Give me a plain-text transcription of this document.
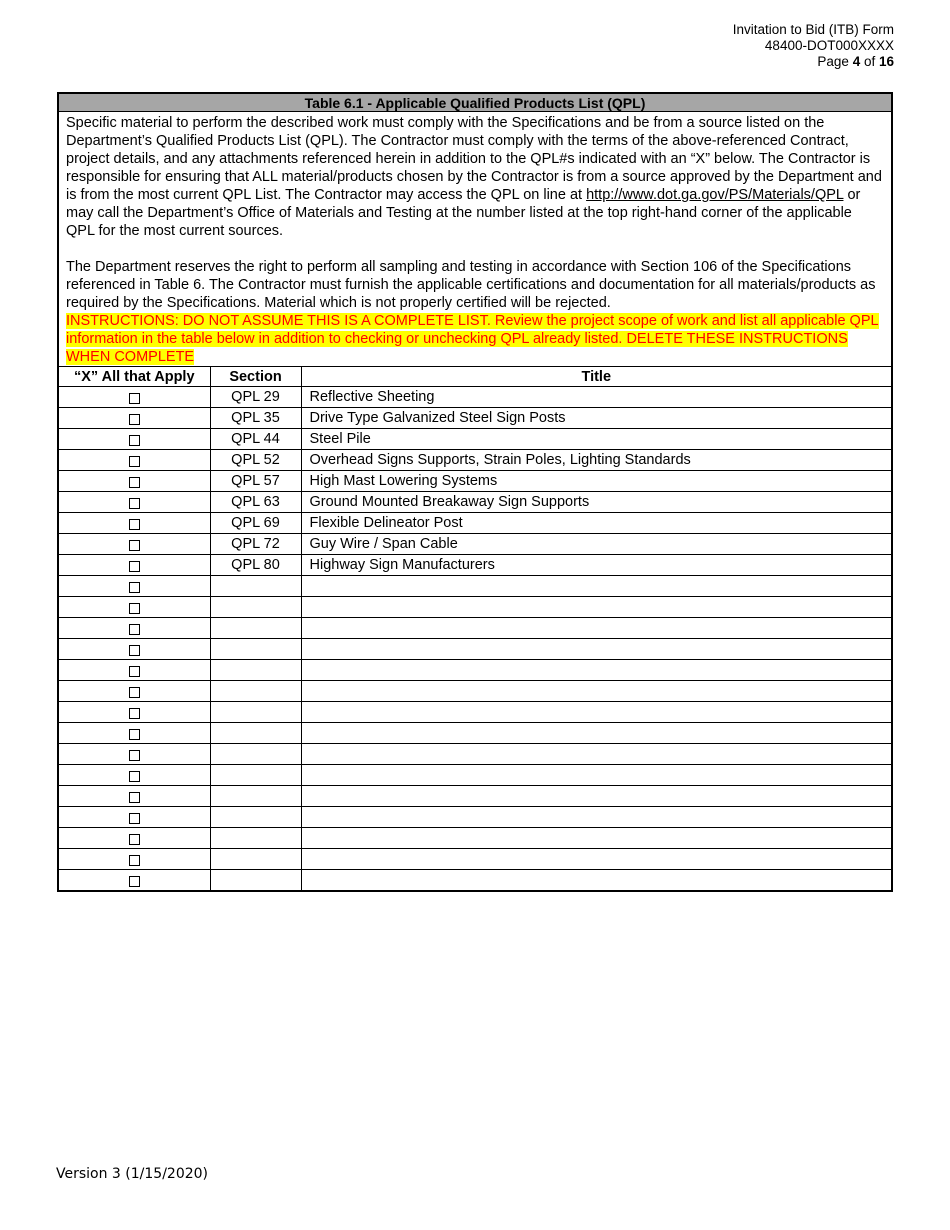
Invitation to Bid (ITB) Form
48400-DOT000XXXX
Page 4 of 16
Table 6.1 - Applicable Qualified Products List (QPL)		

Specific material to perform the described work must comply with the Specifications and be from a source listed on the Department’s Qualified Products List (QPL). The Contractor must comply with the terms of the above-referenced Contract, project details, and any attachments referenced herein in addition to the QPL#s indicated with an “X” below. The Contractor is responsible for ensuring that ALL material/products chosen by the Contractor is from a source approved by the Department and is from the most current QPL List. The Contractor may access the QPL on line at http://www.dot.ga.gov/PS/Materials/QPL or may call the Department’s Office of Materials and Testing at the number listed at the top right-hand corner of the applicable QPL for the most current sources.

The Department reserves the right to perform all sampling and testing in accordance with Section 106 of the Specifications referenced in Table 6. The Contractor must furnish the applicable certifications and documentation for all materials/products as required by the Specifications. Material which is not properly certified will be rejected.

INSTRUCTIONS: DO NOT ASSUME THIS IS A COMPLETE LIST. Review the project scope of work and list all applicable QPL information in the table below in addition to checking or unchecking QPL already listed. DELETE THESE INSTRUCTIONS WHEN COMPLETE		

“X” All that Apply	Section	Title
	QPL 29	Reflective Sheeting
	QPL 35	Drive Type Galvanized Steel Sign Posts
	QPL 44	Steel Pile
	QPL 52	Overhead Signs Supports, Strain Poles, Lighting Standards
	QPL 57	High Mast Lowering Systems
	QPL 63	Ground Mounted Breakaway Sign Supports
	QPL 69	Flexible Delineator Post
	QPL 72	Guy Wire / Span Cable
	QPL 80	Highway Sign Manufacturers

Version 3 (1/15/2020)
